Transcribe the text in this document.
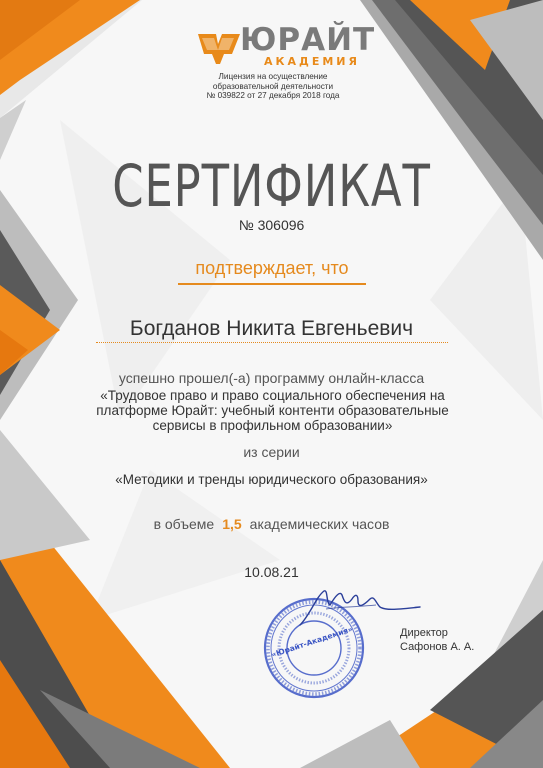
ЮРАЙТ
АКАДЕМИЯ
Лицензия на осуществление
образовательной деятельности
№ 039822 от 27 декабря 2018 года
СЕРТИФИКАТ
№ 306096
подтверждает, что
Богданов Никита Евгеньевич
успешно прошел(-а) программу онлайн-класса
«Трудовое право и право социального обеспечения на платформе Юрайт: учебный контенти образовательные сервисы в профильном образовании»
из серии
«Методики и тренды юридического образования»
в объеме 1,5 академических часов
10.08.21
«Юрайт-Академия»	Директор
Сафонов А. А.
